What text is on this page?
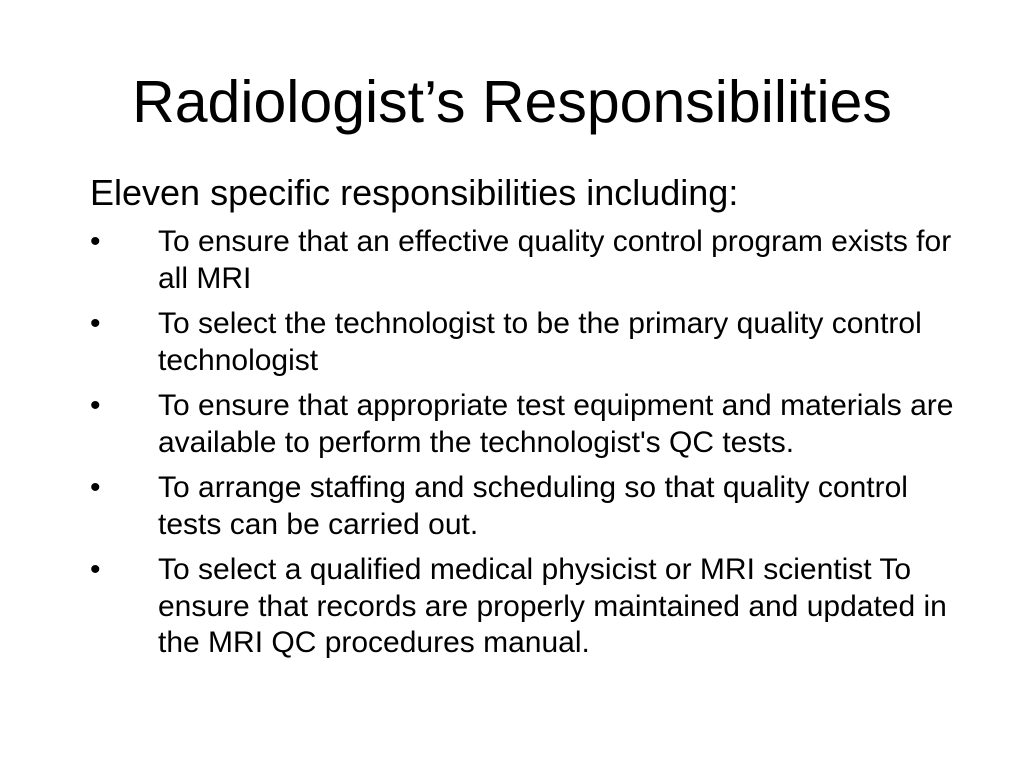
Radiologist’s Responsibilities

Eleven specific responsibilities including:

•	To ensure that an effective quality control program exists for all MRI
•	To select the technologist to be the primary quality control technologist
•	To ensure that appropriate test equipment and materials are available to perform the technologist's QC tests.
•	To arrange staffing and scheduling so that quality control tests can be carried out.
•	To select a qualified medical physicist or MRI scientist To ensure that records are properly maintained and updated in the MRI QC procedures manual.
